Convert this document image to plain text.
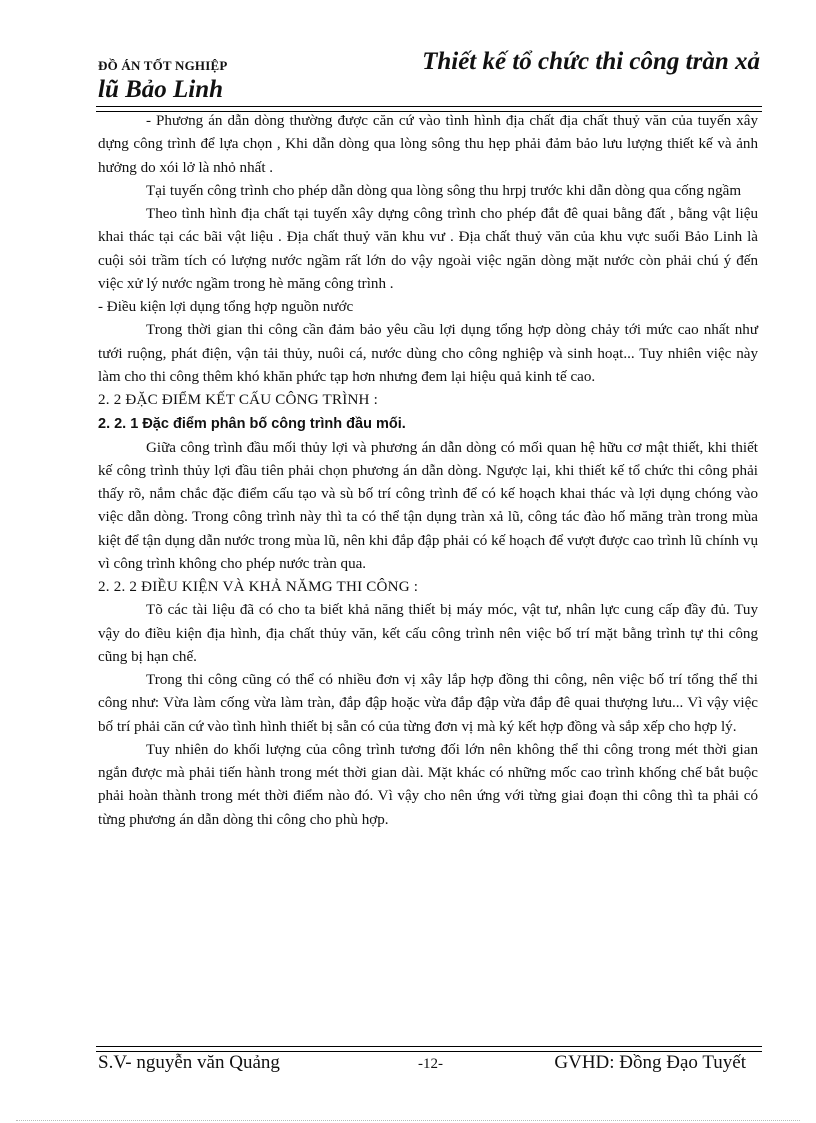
ĐỒ ÁN TỐT NGHIỆP	Thiết kế tổ chức thi công tràn xả
lũ Bảo Linh

- Phương án dẫn dòng thường được căn cứ vào tình hình địa chất địa chất thuỷ văn của tuyến xây dựng công trình để lựa chọn , Khi dẫn dòng qua lòng sông thu hẹp phải đảm bảo lưu lượng thiết kế và ảnh hưởng do xói lở là nhỏ nhất .

Tại tuyến công trình cho phép dẫn dòng qua lòng sông thu hrpj trước khi dẫn dòng qua cống ngầm

Theo tình hình địa chất tại tuyến xây dựng công trình cho phép đắt đê quai bằng đất , bằng vật liệu khai thác tại các bãi vật liệu . Địa chất thuỷ văn khu vư . Địa chất thuỷ văn của khu vực suối Bảo Linh là cuội sỏi trầm tích có lượng nước ngầm rất lớn do vậy ngoài việc ngăn dòng mặt nước còn phải chú ý đến việc xử lý nước ngầm trong hè măng công trình .

- Điều kiện lợi dụng tổng hợp nguồn nước

Trong thời gian thi công cần đảm bảo yêu cầu lợi dụng tổng hợp dòng chảy tới mức cao nhất như tưới ruộng, phát điện, vận tải thủy, nuôi cá, nước dùng cho công nghiệp và sinh hoạt... Tuy nhiên việc này làm cho thi công thêm khó khăn phức tạp hơn nhưng đem lại hiệu quả kinh tế cao.

2. 2 ĐẶC ĐIỂM KẾT CẤU CÔNG TRÌNH :

2. 2. 1 Đặc điểm phân bố công trình đầu mối.

Giữa công trình đầu mối thủy lợi và phương án dẫn dòng có mối quan hệ hữu cơ mật thiết, khi thiết kế công trình thủy lợi đầu tiên phải chọn phương án dẫn dòng. Ngược lại, khi thiết kế tổ chức thi công phải thấy rõ, nắm chắc đặc điểm cấu tạo và sù bố trí công trình để có kế hoạch khai thác và lợi dụng chóng vào việc dẫn dòng. Trong công trình này thì ta có thể tận dụng tràn xả lũ, công tác đào hố măng tràn trong mùa kiệt để tận dụng dẫn nước trong mùa lũ, nên khi đắp đập phải có kế hoạch để vượt được cao trình lũ chính vụ vì công trình không cho phép nước tràn qua.

2. 2. 2 ĐIỀU KIỆN VÀ KHẢ NĂMG THI CÔNG :

Tõ các tài liệu đã có cho ta biết khả năng thiết bị máy móc, vật tư, nhân lực cung cấp đầy đủ. Tuy vậy do điều kiện địa hình, địa chất thủy văn, kết cấu công trình nên việc bố trí mặt bằng trình tự thi công cũng bị hạn chế.

Trong thi công cũng có thể có nhiều đơn vị xây lắp hợp đồng thi công, nên việc bố trí tổng thể thi công như: Vừa làm cống vừa làm tràn, đắp đập hoặc vừa đắp đập vừa đắp đê quai thượng lưu... Vì vậy việc bố trí phải căn cứ vào tình hình thiết bị sẵn có của từng đơn vị mà ký kết hợp đồng và sắp xếp cho hợp lý.

Tuy nhiên do khối lượng của công trình tương đối lớn nên không thể thi công trong mét thời gian ngắn được mà phải tiến hành trong mét thời gian dài. Mặt khác có những mốc cao trình khống chế bắt buộc phải hoàn thành trong mét thời điểm nào đó. Vì vậy cho nên ứng với từng giai đoạn thi công thì ta phải có từng phương án dẫn dòng thi công cho phù hợp.

S.V- nguyễn văn Quảng	-12-	GVHD: Đồng Đạo Tuyết
